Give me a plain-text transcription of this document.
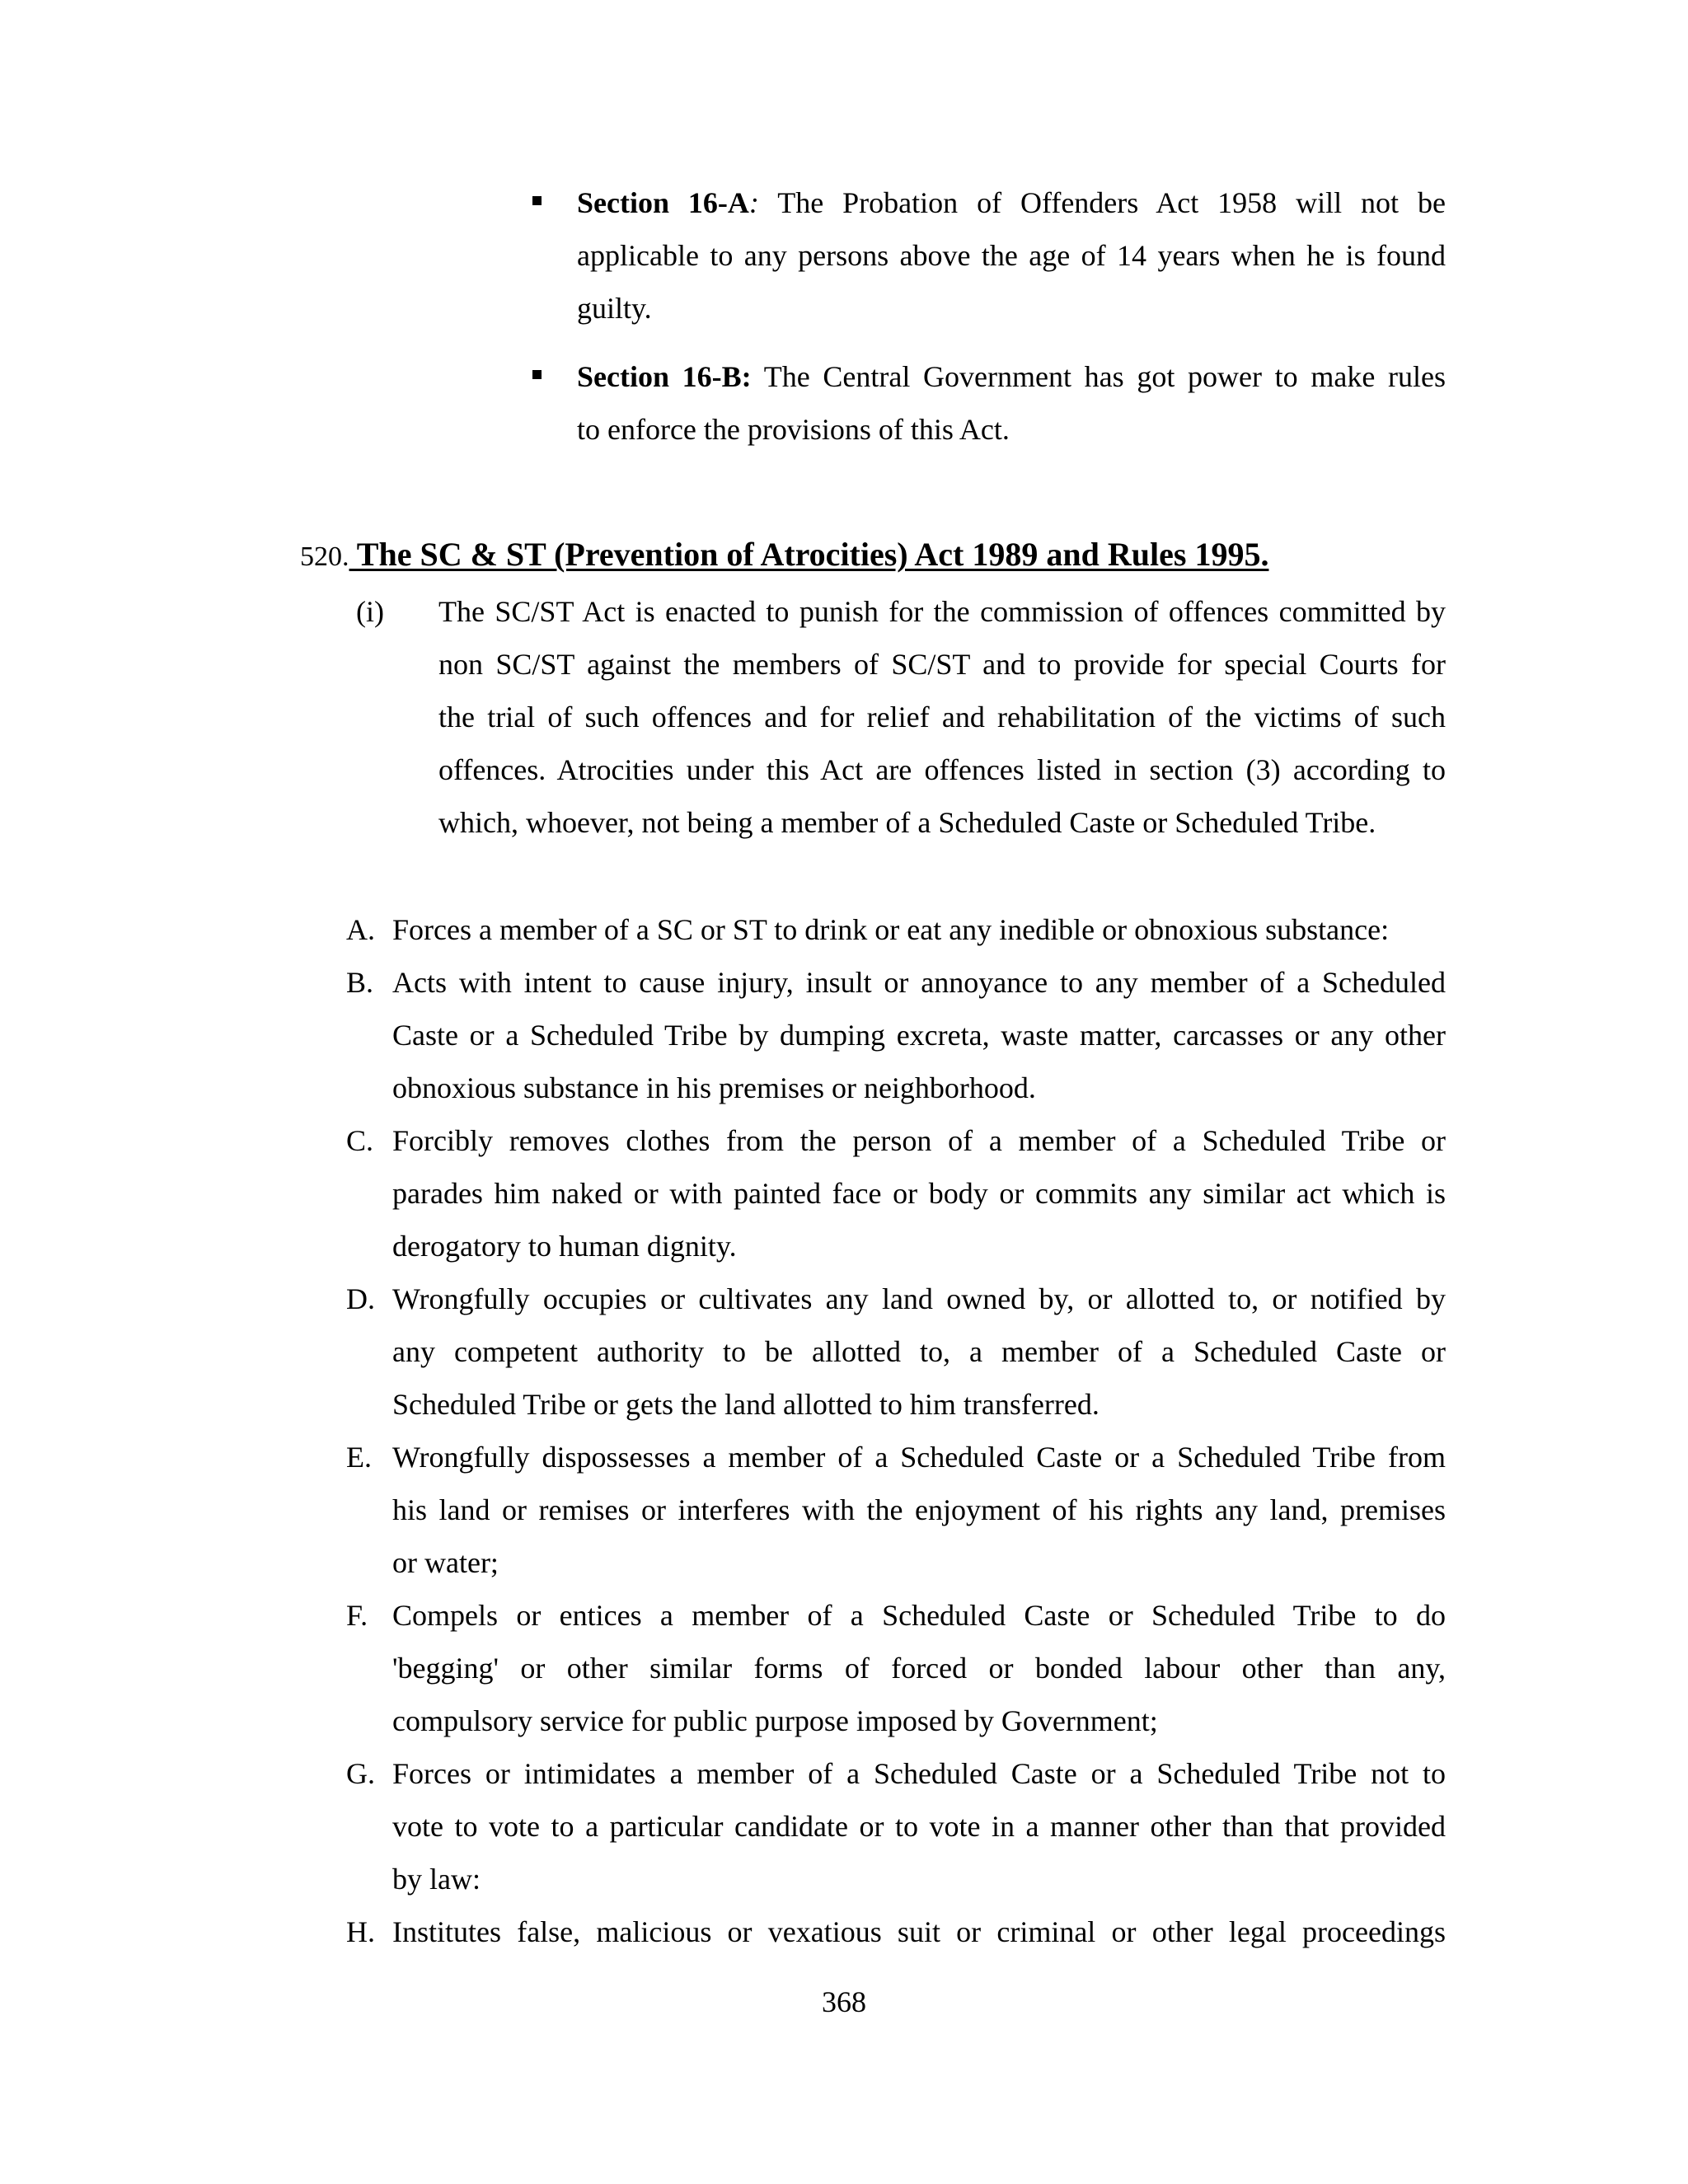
Section 16-A: The Probation of Offenders Act 1958 will not be
applicable to any persons above the age of 14 years when he is found
guilty.
Section 16-B: The Central Government has got power to make rules
to enforce the provisions of this Act.
520. The SC & ST (Prevention of Atrocities) Act 1989 and Rules 1995.
(i) The SC/ST Act is enacted to punish for the commission of offences committed by
non SC/ST against the members of SC/ST and to provide for special Courts for
the trial of such offences and for relief and rehabilitation of the victims of such
offences. Atrocities under this Act are offences listed in section (3) according to
which, whoever, not being a member of a Scheduled Caste or Scheduled Tribe.
A. Forces a member of a SC or ST to drink or eat any inedible or obnoxious substance:
B. Acts with intent to cause injury, insult or annoyance to any member of a Scheduled
Caste or a Scheduled Tribe by dumping excreta, waste matter, carcasses or any other
obnoxious substance in his premises or neighborhood.
C. Forcibly removes clothes from the person of a member of a Scheduled Tribe or
parades him naked or with painted face or body or commits any similar act which is
derogatory to human dignity.
D. Wrongfully occupies or cultivates any land owned by, or allotted to, or notified by
any competent authority to be allotted to, a member of a Scheduled Caste or
Scheduled Tribe or gets the land allotted to him transferred.
E. Wrongfully dispossesses a member of a Scheduled Caste or a Scheduled Tribe from
his land or remises or interferes with the enjoyment of his rights any land, premises
or water;
F. Compels or entices a member of a Scheduled Caste or Scheduled Tribe to do
'begging' or other similar forms of forced or bonded labour other than any,
compulsory service for public purpose imposed by Government;
G. Forces or intimidates a member of a Scheduled Caste or a Scheduled Tribe not to
vote to vote to a particular candidate or to vote in a manner other than that provided
by law:
H. Institutes false, malicious or vexatious suit or criminal or other legal proceedings
368
